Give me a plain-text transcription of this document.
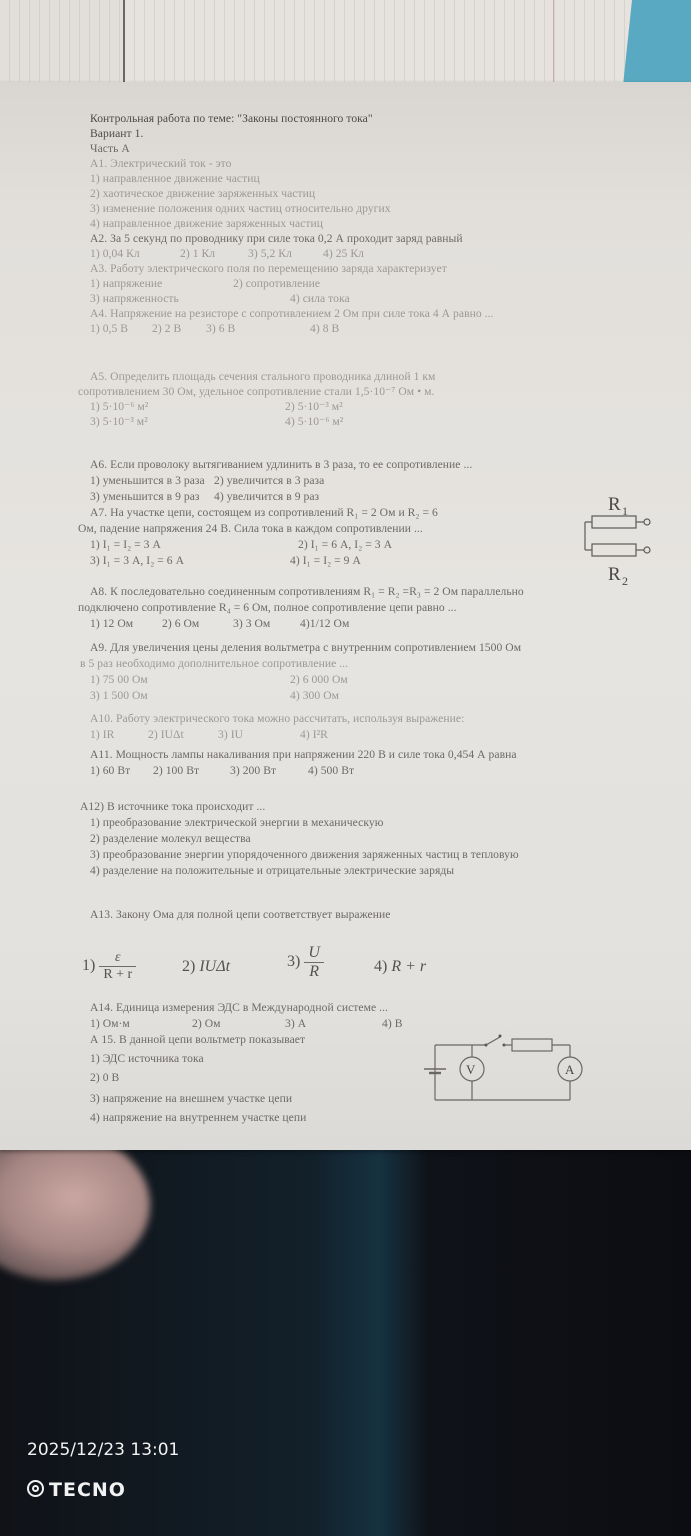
Контрольная работа по теме: "Законы постоянного тока"
Вариант 1.
Часть А
А1. Электрический ток - это
1) направленное движение частиц
2) хаотическое движение заряженных частиц
3) изменение положения одних частиц относительно других
4) направленное движение заряженных частиц
А2. За 5 секунд по проводнику при силе тока 0,2 А проходит заряд равный
1) 0,04 Кл	2) 1 Кл	3) 5,2 Кл	4) 25 Кл
А3. Работу электрического поля по перемещению заряда характеризует
1) напряжение	2) сопротивление
3) напряженность	4) сила тока
А4. Напряжение на резисторе с сопротивлением 2 Ом при силе тока 4 А равно ...
1) 0,5 В 2) 2 В 3) 6 В	4) 8 В
А5. Определить площадь сечения стального проводника длиной 1 км
сопротивлением 30 Ом, удельное сопротивление стали 1,5·10⁻⁷ Ом • м.
1) 5·10⁻⁶ м²	2) 5·10⁻³ м²
3) 5·10⁻³ м²	4) 5·10⁻⁶ м²
А6. Если проволоку вытягиванием удлинить в 3 раза, то ее сопротивление ...
1) уменьшится в 3 раза 2) увеличится в 3 раза
3) уменьшится в 9 раз 4) увеличится в 9 раз
А7. На участке цепи, состоящем из сопротивлений R₁ = 2 Ом и R₂ = 6
Ом, падение напряжения 24 В. Сила тока в каждом сопротивлении ...
1) I₁ = I₂ = 3 А	2) I₁ = 6 А, I₂ = 3 А
3) I₁ = 3 А, I₂ = 6 А	4) I₁ = I₂ = 9 А
R 1
R 2
А8. К последовательно соединенным сопротивлениям R₁ = R₂ =R₃ = 2 Ом параллельно
подключено сопротивление R₄ = 6 Ом, полное сопротивление цепи равно ...
1) 12 Ом 2) 6 Ом	3) 3 Ом	4)1/12 Ом
А9. Для увеличения цены деления вольтметра с внутренним сопротивлением 1500 Ом
в 5 раз необходимо дополнительное сопротивление ...
1) 75 00 Ом	2) 6 000 Ом
3) 1 500 Ом	4) 300 Ом
А10. Работу электрического тока можно рассчитать, используя выражение:
1) IR	2) IUΔt	3) IU	4) I²R
А11. Мощность лампы накаливания при напряжении 220 В и силе тока 0,454 А равна
1) 60 Вт 2) 100 Вт	3) 200 Вт	4) 500 Вт
А12) В источнике тока происходит ...
1) преобразование электрической энергии в механическую
2) разделение молекул вещества
3) преобразование энергии упорядоченного движения заряженных частиц в тепловую
4) разделение на положительные и отрицательные электрические заряды
А13. Закону Ома для полной цепи соответствует выражение
$1) \frac{\varepsilon}{R + r}$	2) IUΔt	$3) \frac{U}{R}$	4) R + r
А14. Единица измерения ЭДС в Международной системе ...
1) Ом·м	2) Ом	3) А	4) В
А 15. В данной цепи вольтметр показывает
1) ЭДС источника тока
2) 0 В
3) напряжение на внешнем участке цепи
4) напряжение на внутреннем участке цепи
V	A
2025/12/23 13:01
TECNO
